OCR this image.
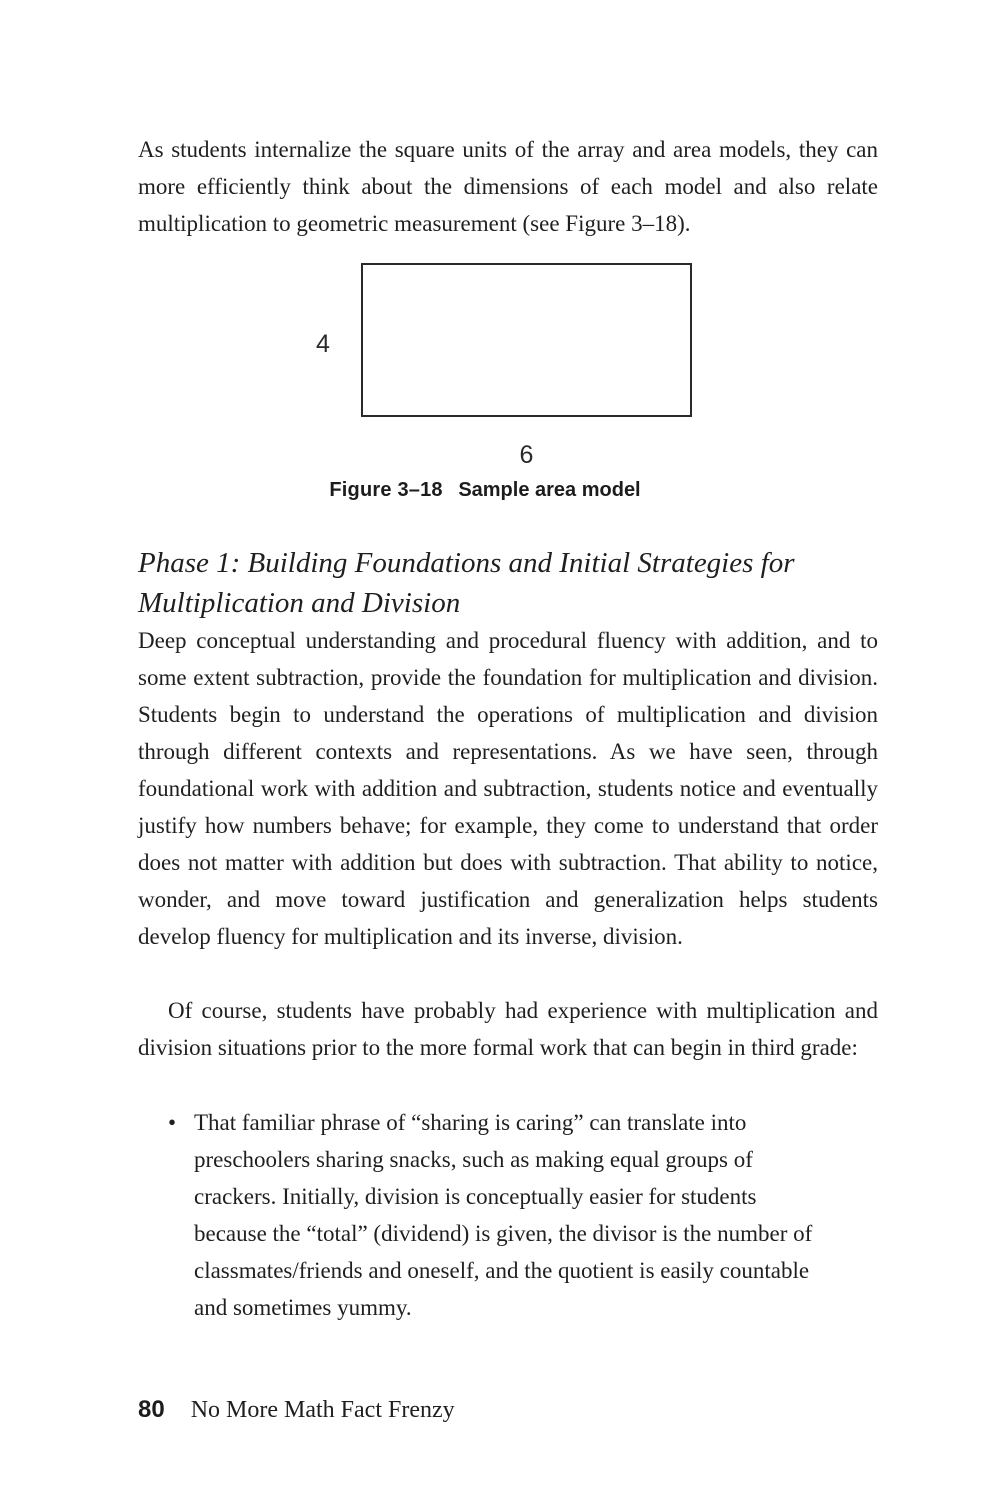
As students internalize the square units of the array and area models, they can more efficiently think about the dimensions of each model and also relate multiplication to geometric measurement (see Figure 3–18).

4
6
Figure 3–18 Sample area model
Phase 1: Building Foundations and Initial Strategies for Multiplication and Division

Deep conceptual understanding and procedural fluency with addition, and to some extent subtraction, provide the foundation for multiplication and division. Students begin to understand the operations of multiplication and division through different contexts and representations. As we have seen, through foundational work with addition and subtraction, students notice and eventually justify how numbers behave; for example, they come to understand that order does not matter with addition but does with subtraction. That ability to notice, wonder, and move toward justification and generalization helps students develop fluency for multiplication and its inverse, division.

Of course, students have probably had experience with multiplication and division situations prior to the more formal work that can begin in third grade:

• That familiar phrase of “sharing is caring” can translate into preschoolers sharing snacks, such as making equal groups of crackers. Initially, division is conceptually easier for students because the “total” (dividend) is given, the divisor is the number of classmates/friends and oneself, and the quotient is easily countable and sometimes yummy.
80 No More Math Fact Frenzy
